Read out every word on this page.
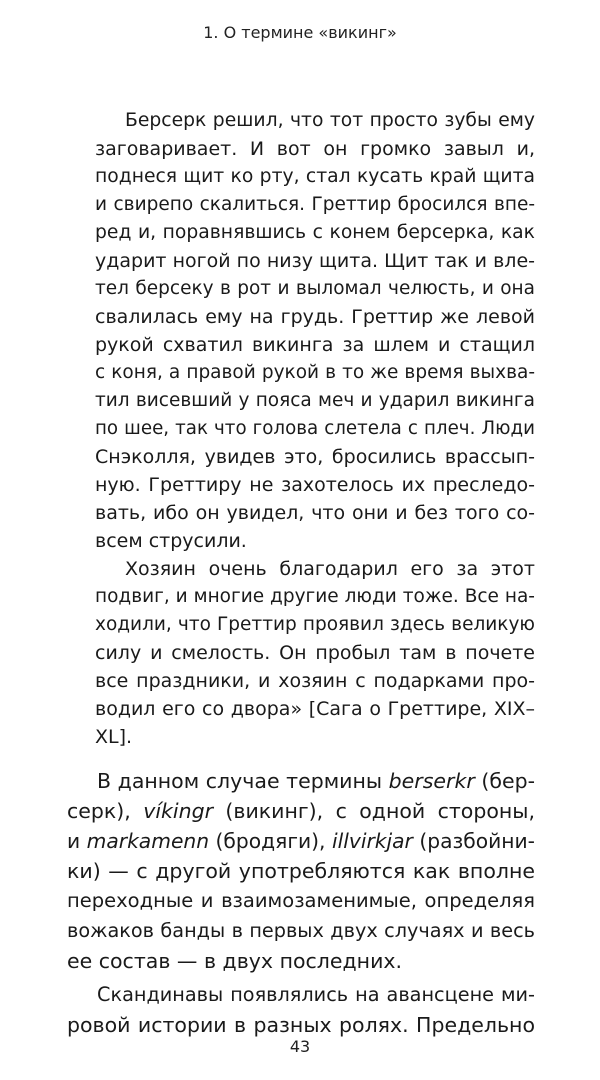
1. О термине «викинг»
Берсерк решил, что тот просто зубы ему
заговаривает. И вот он громко завыл и,
поднеся щит ко рту, стал кусать край щита
и свирепо скалиться. Греттир бросился впе-
ред и, поравнявшись с конем берсерка, как
ударит ногой по низу щита. Щит так и вле-
тел берсеку в рот и выломал челюсть, и она
свалилась ему на грудь. Греттир же левой
рукой схватил викинга за шлем и стащил
с коня, а правой рукой в то же время выхва-
тил висевший у пояса меч и ударил викинга
по шее, так что голова слетела с плеч. Люди
Снэколля, увидев это, бросились врассып-
ную. Греттиру не захотелось их преследо-
вать, ибо он увидел, что они и без того со-
всем струсили.
Хозяин очень благодарил его за этот
подвиг, и многие другие люди тоже. Все на-
ходили, что Греттир проявил здесь великую
силу и смелость. Он пробыл там в почете
все праздники, и хозяин с подарками про-
водил его со двора» [Сага о Греттире, XIX–
XL].
В данном случае термины berserkr (бер-
серк), víkingr (викинг), с одной стороны,
и markamenn (бродяги), illvirkjar (разбойни-
ки) — с другой употребляются как вполне
переходные и взаимозаменимые, определяя
вожаков банды в первых двух случаях и весь
ее состав — в двух последних.
Скандинавы появлялись на авансцене ми-
ровой истории в разных ролях. Предельно
43
